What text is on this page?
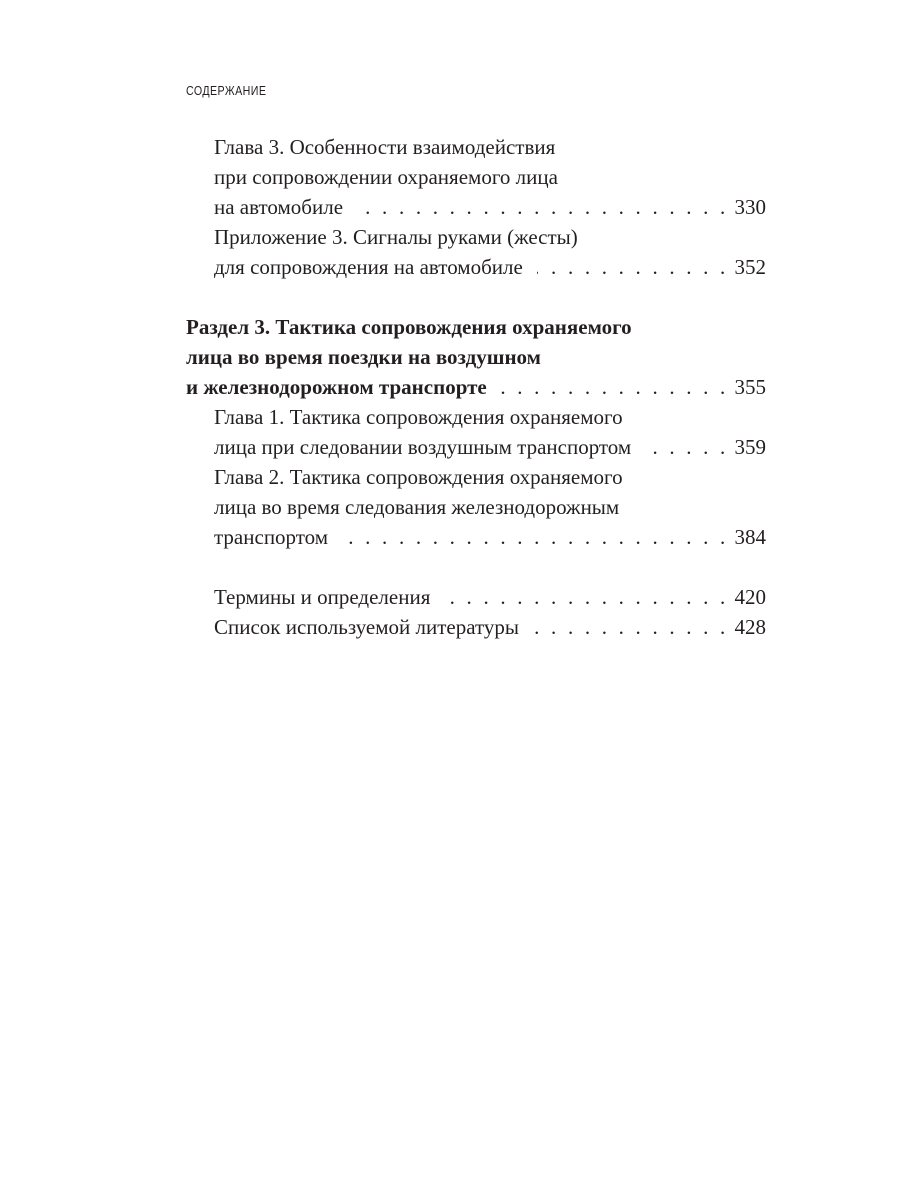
СОДЕРЖАНИЕ
Глава 3. Особенности взаимодействия
при сопровождении охраняемого лица
на автомобиле . . .	330
Приложение 3. Сигналы руками (жесты)
для сопровождения на автомобиле . . .	352
Раздел 3. Тактика сопровождения охраняемого
лица во время поездки на воздушном
и железнодорожном транспорте . . .	355
Глава 1. Тактика сопровождения охраняемого
лица при следовании воздушным транспортом . . .	359
Глава 2. Тактика сопровождения охраняемого
лица во время следования железнодорожным
транспортом . . .	384
Термины и определения . . .	420
Список используемой литературы . . .	428
